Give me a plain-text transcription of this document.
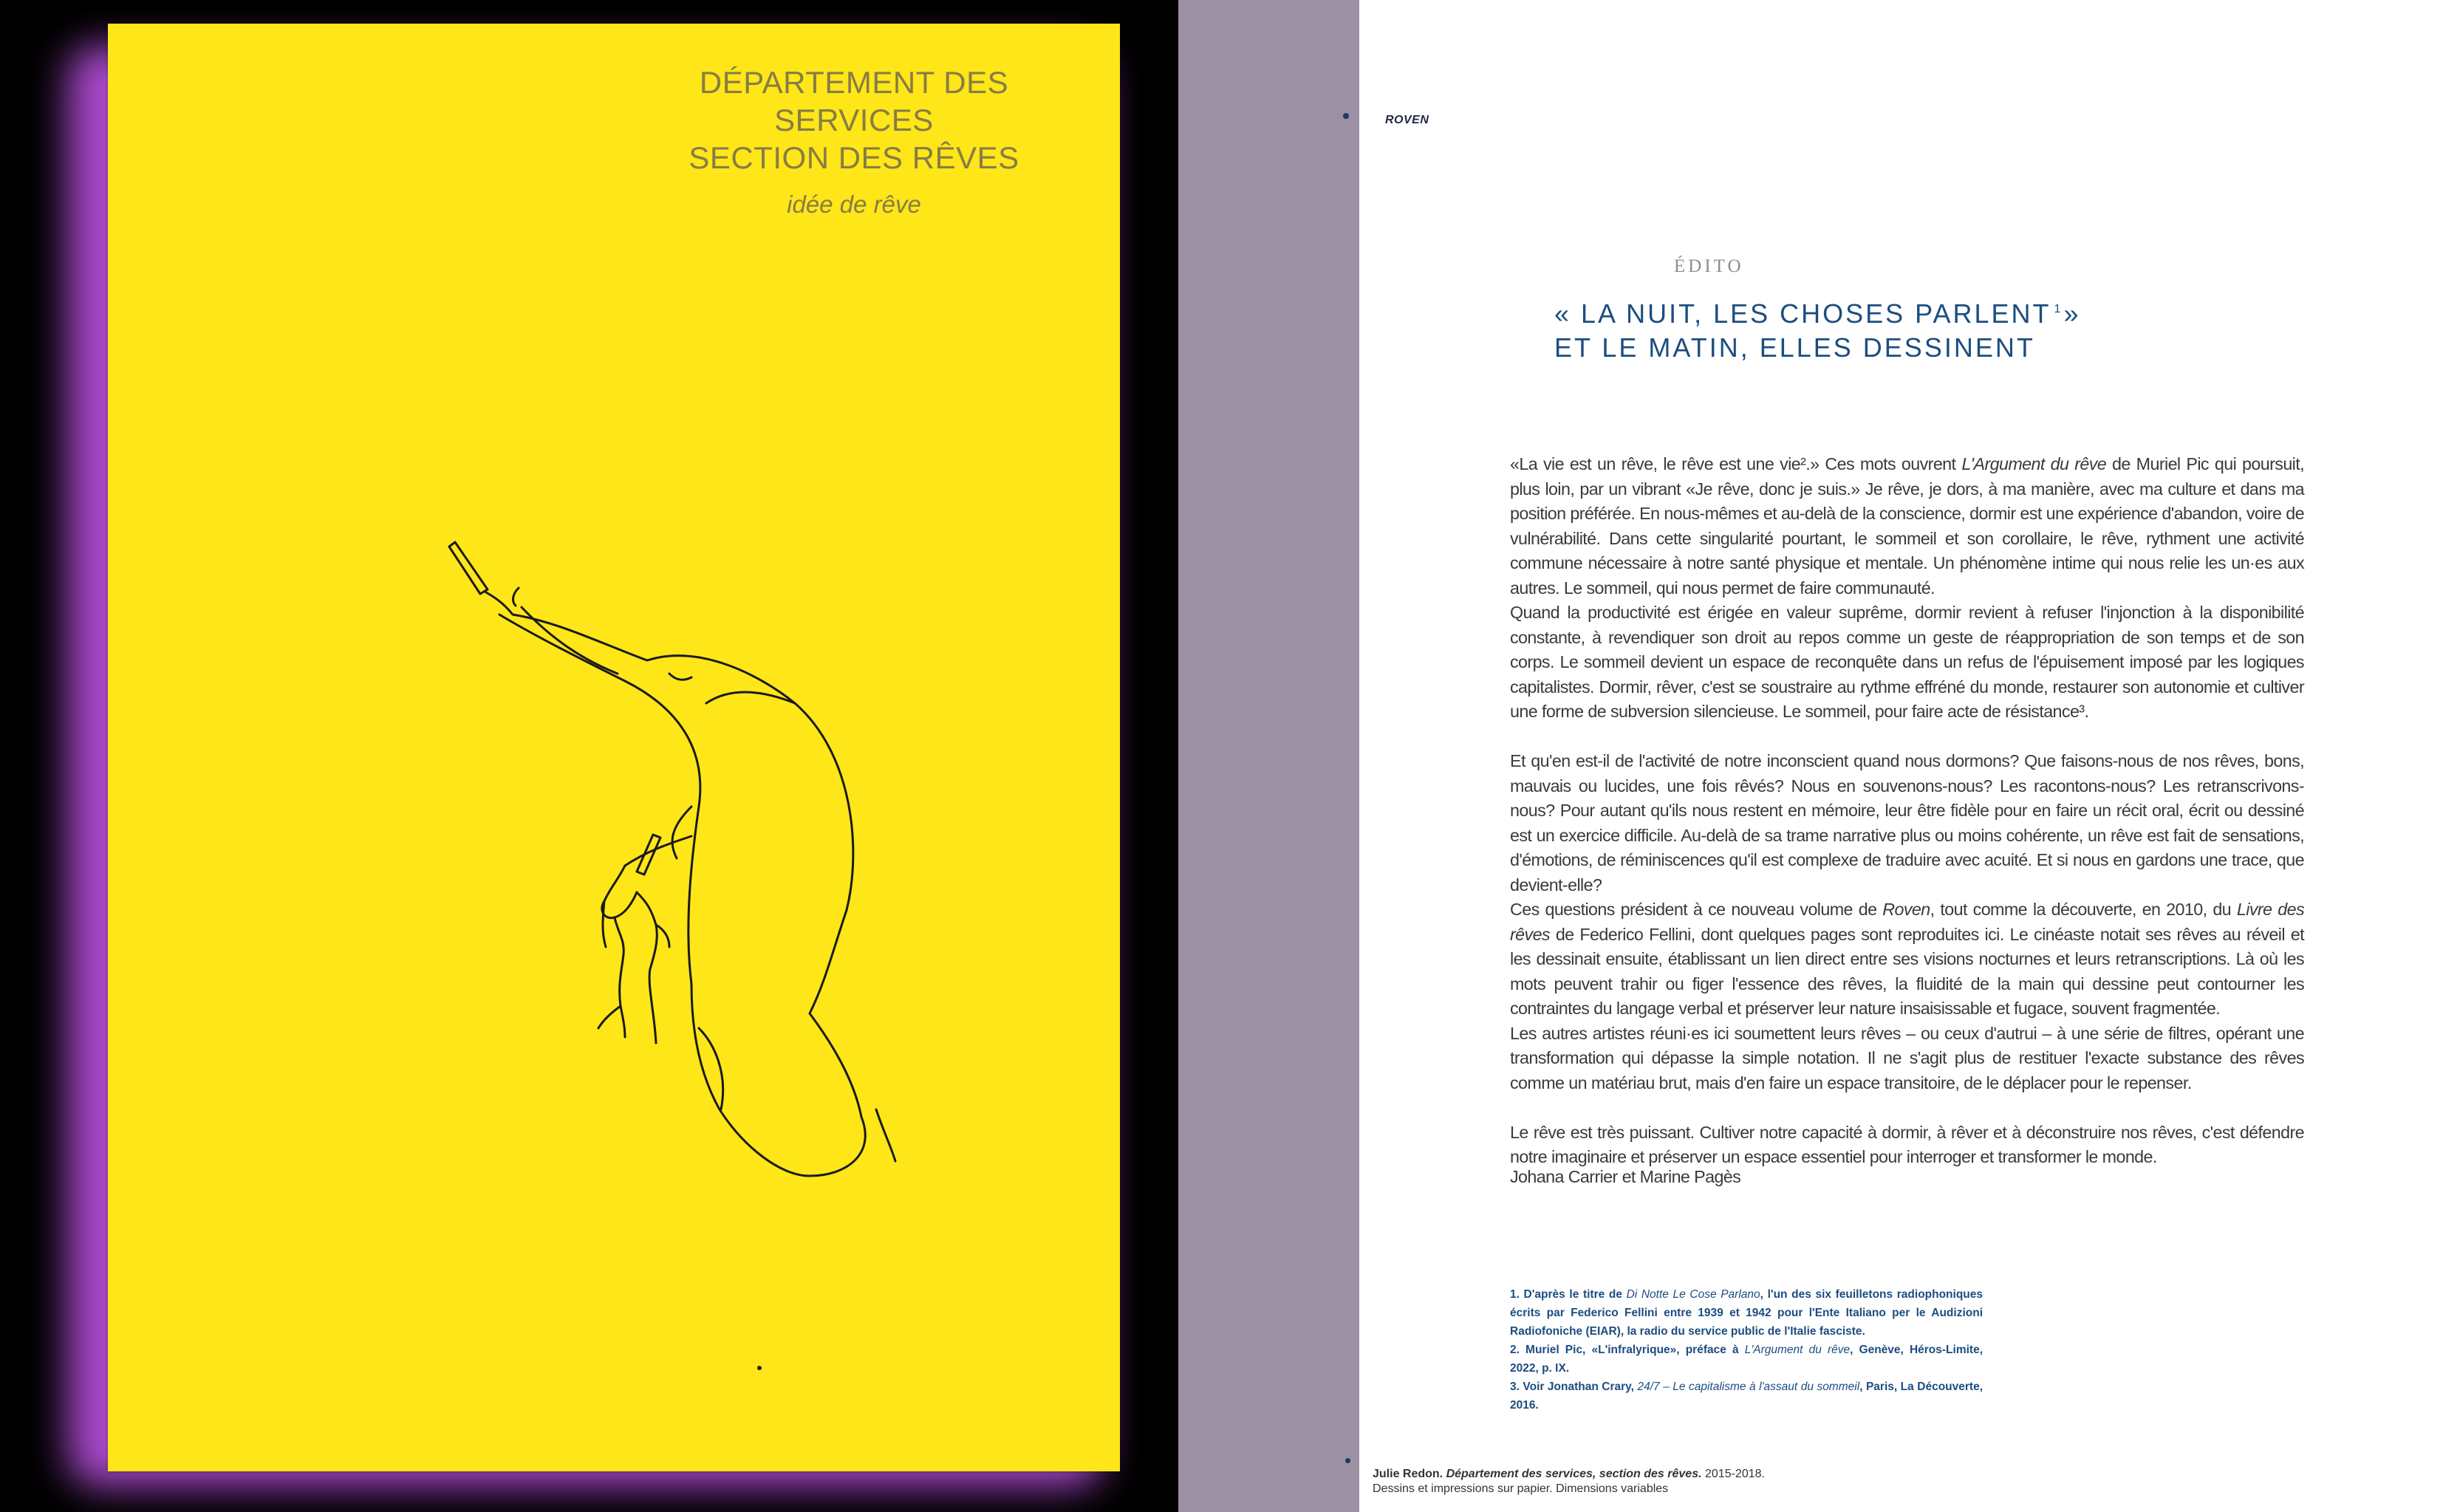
DÉPARTEMENT DES SERVICES
SECTION DES RÊVES
idée de rêve
ROVEN
ÉDITO
« LA NUIT, LES CHOSES PARLENT $^1$ »
ET LE MATIN, ELLES DESSINENT

«La vie est un rêve, le rêve est une vie².» Ces mots ouvrent L'Argument du rêve de Muriel Pic qui poursuit, plus loin, par un vibrant «Je rêve, donc je suis.» Je rêve, je dors, à ma manière, avec ma culture et dans ma position préférée. En nous-mêmes et au-delà de la conscience, dormir est une expérience d'abandon, voire de vulnérabilité. Dans cette singularité pourtant, le sommeil et son corollaire, le rêve, rythment une activité commune nécessaire à notre santé physique et mentale. Un phénomène intime qui nous relie les un·es aux autres. Le sommeil, qui nous permet de faire communauté.

Quand la productivité est érigée en valeur suprême, dormir revient à refuser l'injonction à la disponibilité constante, à revendiquer son droit au repos comme un geste de réappropriation de son temps et de son corps. Le sommeil devient un espace de reconquête dans un refus de l'épuisement imposé par les logiques capitalistes. Dormir, rêver, c'est se soustraire au rythme effréné du monde, restaurer son autonomie et cultiver une forme de subversion silencieuse. Le sommeil, pour faire acte de résistance³.

Et qu'en est-il de l'activité de notre inconscient quand nous dormons? Que faisons-nous de nos rêves, bons, mauvais ou lucides, une fois rêvés? Nous en souvenons-nous? Les racontons-nous? Les retranscrivons-nous? Pour autant qu'ils nous restent en mémoire, leur être fidèle pour en faire un récit oral, écrit ou dessiné est un exercice difficile. Au-delà de sa trame narrative plus ou moins cohérente, un rêve est fait de sensations, d'émotions, de réminiscences qu'il est complexe de traduire avec acuité. Et si nous en gardons une trace, que devient-elle?

Ces questions président à ce nouveau volume de Roven, tout comme la découverte, en 2010, du Livre des rêves de Federico Fellini, dont quelques pages sont reproduites ici. Le cinéaste notait ses rêves au réveil et les dessinait ensuite, établissant un lien direct entre ses visions nocturnes et leurs retranscriptions. Là où les mots peuvent trahir ou figer l'essence des rêves, la fluidité de la main qui dessine peut contourner les contraintes du langage verbal et préserver leur nature insaisissable et fugace, souvent fragmentée.

Les autres artistes réuni·es ici soumettent leurs rêves – ou ceux d'autrui – à une série de filtres, opérant une transformation qui dépasse la simple notation. Il ne s'agit plus de restituer l'exacte substance des rêves comme un matériau brut, mais d'en faire un espace transitoire, de le déplacer pour le repenser.

Le rêve est très puissant. Cultiver notre capacité à dormir, à rêver et à déconstruire nos rêves, c'est défendre notre imaginaire et préserver un espace essentiel pour interroger et transformer le monde.

Johana Carrier et Marine Pagès

1. D'après le titre de Di Notte Le Cose Parlano, l'un des six feuilletons radiophoniques écrits par Federico Fellini entre 1939 et 1942 pour l'Ente Italiano per le Audizioni Radiofoniche (EIAR), la radio du service public de l'Italie fasciste.

2. Muriel Pic, «L'infralyrique», préface à L'Argument du rêve, Genève, Héros-Limite, 2022, p. IX.

3. Voir Jonathan Crary, 24/7 – Le capitalisme à l'assaut du sommeil, Paris, La Découverte, 2016.

Julie Redon. Département des services, section des rêves. 2015-2018.
Dessins et impressions sur papier. Dimensions variables
